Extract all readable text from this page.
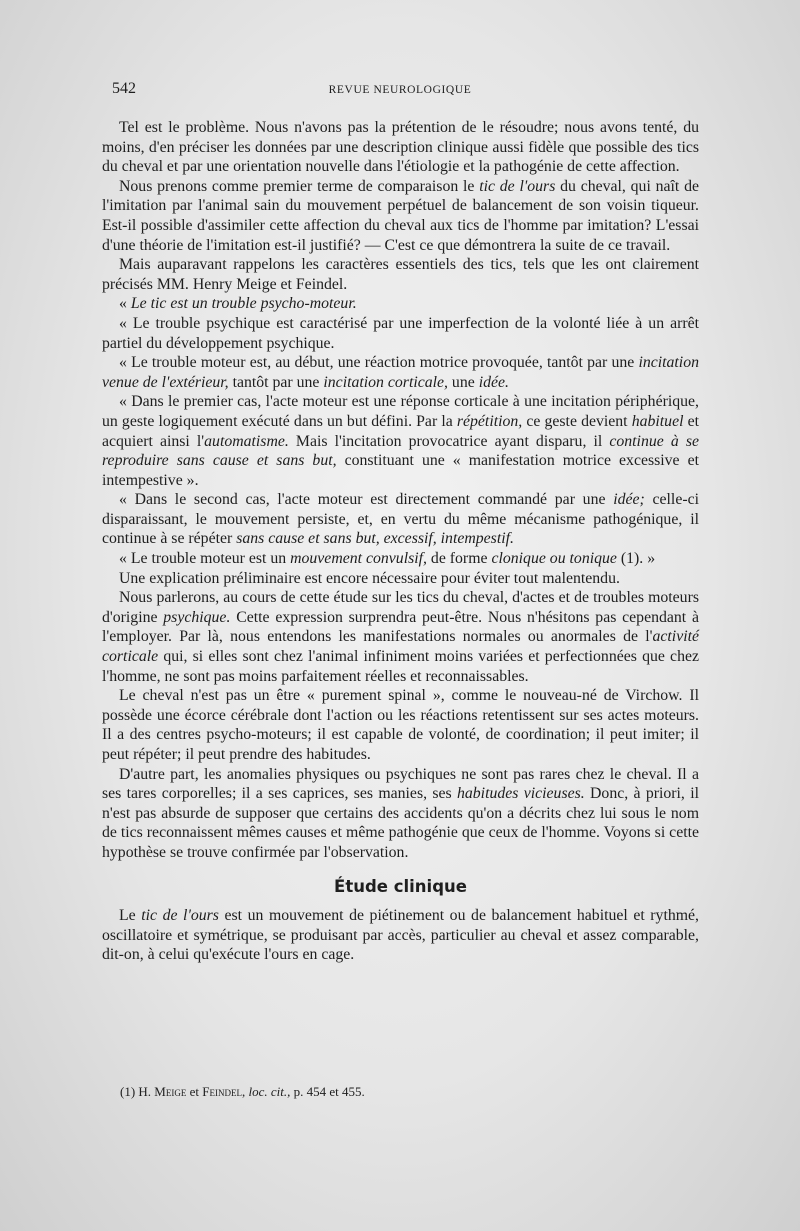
542	REVUE NEUROLOGIQUE

Tel est le problème. Nous n'avons pas la prétention de le résoudre; nous avons tenté, du moins, d'en préciser les données par une description clinique aussi fidèle que possible des tics du cheval et par une orientation nouvelle dans l'étiologie et la pathogénie de cette affection.

Nous prenons comme premier terme de comparaison le tic de l'ours du cheval, qui naît de l'imitation par l'animal sain du mouvement perpétuel de balancement de son voisin tiqueur. Est-il possible d'assimiler cette affection du cheval aux tics de l'homme par imitation? L'essai d'une théorie de l'imitation est-il justifié? — C'est ce que démontrera la suite de ce travail.

Mais auparavant rappelons les caractères essentiels des tics, tels que les ont clairement précisés MM. Henry Meige et Feindel.

« Le tic est un trouble psycho-moteur.

« Le trouble psychique est caractérisé par une imperfection de la volonté liée à un arrêt partiel du développement psychique.

« Le trouble moteur est, au début, une réaction motrice provoquée, tantôt par une incitation venue de l'extérieur, tantôt par une incitation corticale, une idée.

« Dans le premier cas, l'acte moteur est une réponse corticale à une incitation périphérique, un geste logiquement exécuté dans un but défini. Par la répétition, ce geste devient habituel et acquiert ainsi l'automatisme. Mais l'incitation provocatrice ayant disparu, il continue à se reproduire sans cause et sans but, constituant une « manifestation motrice excessive et intempestive ».

« Dans le second cas, l'acte moteur est directement commandé par une idée; celle-ci disparaissant, le mouvement persiste, et, en vertu du même mécanisme pathogénique, il continue à se répéter sans cause et sans but, excessif, intempestif.

« Le trouble moteur est un mouvement convulsif, de forme clonique ou tonique (1). »

Une explication préliminaire est encore nécessaire pour éviter tout malentendu.

Nous parlerons, au cours de cette étude sur les tics du cheval, d'actes et de troubles moteurs d'origine psychique. Cette expression surprendra peut-être. Nous n'hésitons pas cependant à l'employer. Par là, nous entendons les manifestations normales ou anormales de l'activité corticale qui, si elles sont chez l'animal infiniment moins variées et perfectionnées que chez l'homme, ne sont pas moins parfaitement réelles et reconnaissables.

Le cheval n'est pas un être « purement spinal », comme le nouveau-né de Virchow. Il possède une écorce cérébrale dont l'action ou les réactions retentissent sur ses actes moteurs. Il a des centres psycho-moteurs; il est capable de volonté, de coordination; il peut imiter; il peut répéter; il peut prendre des habitudes.

D'autre part, les anomalies physiques ou psychiques ne sont pas rares chez le cheval. Il a ses tares corporelles; il a ses caprices, ses manies, ses habitudes vicieuses. Donc, à priori, il n'est pas absurde de supposer que certains des accidents qu'on a décrits chez lui sous le nom de tics reconnaissent mêmes causes et même pathogénie que ceux de l'homme. Voyons si cette hypothèse se trouve confirmée par l'observation.

Étude clinique

Le tic de l'ours est un mouvement de piétinement ou de balancement habituel et rythmé, oscillatoire et symétrique, se produisant par accès, particulier au cheval et assez comparable, dit-on, à celui qu'exécute l'ours en cage.

(1) H. Meige et Feindel, loc. cit., p. 454 et 455.
